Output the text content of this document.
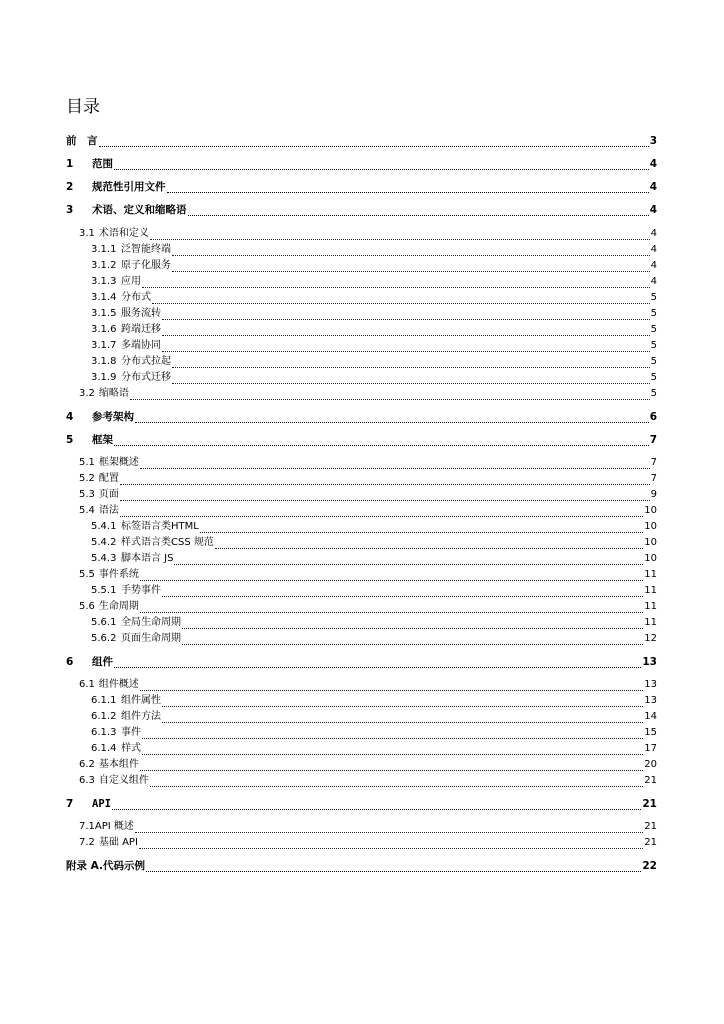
目录
前　言	3
1	范围	4
2	规范性引用文件	4
3	术语、定义和缩略语	4
3.1 术语和定义	4
3.1.1 泛智能终端	4
3.1.2 原子化服务	4
3.1.3 应用	4
3.1.4 分布式	5
3.1.5 服务流转	5
3.1.6 跨端迁移	5
3.1.7 多端协同	5
3.1.8 分布式拉起	5
3.1.9 分布式迁移	5
3.2 缩略语	5
4	参考架构	6
5	框架	7
5.1 框架概述	7
5.2 配置	7
5.3 页面	9
5.4 语法	10
5.4.1 标签语言类HTML	10
5.4.2 样式语言类CSS 规范	10
5.4.3 脚本语言 JS	10
5.5 事件系统	11
5.5.1 手势事件	11
5.6 生命周期	11
5.6.1 全局生命周期	11
5.6.2 页面生命周期	12
6	组件	13
6.1 组件概述	13
6.1.1 组件属性	13
6.1.2 组件方法	14
6.1.3 事件	15
6.1.4 样式	17
6.2 基本组件	20
6.3 自定义组件	21
7	API	21
7.1 API 概述	21
7.2 基础 API	21
附录 A. 代码示例	22
